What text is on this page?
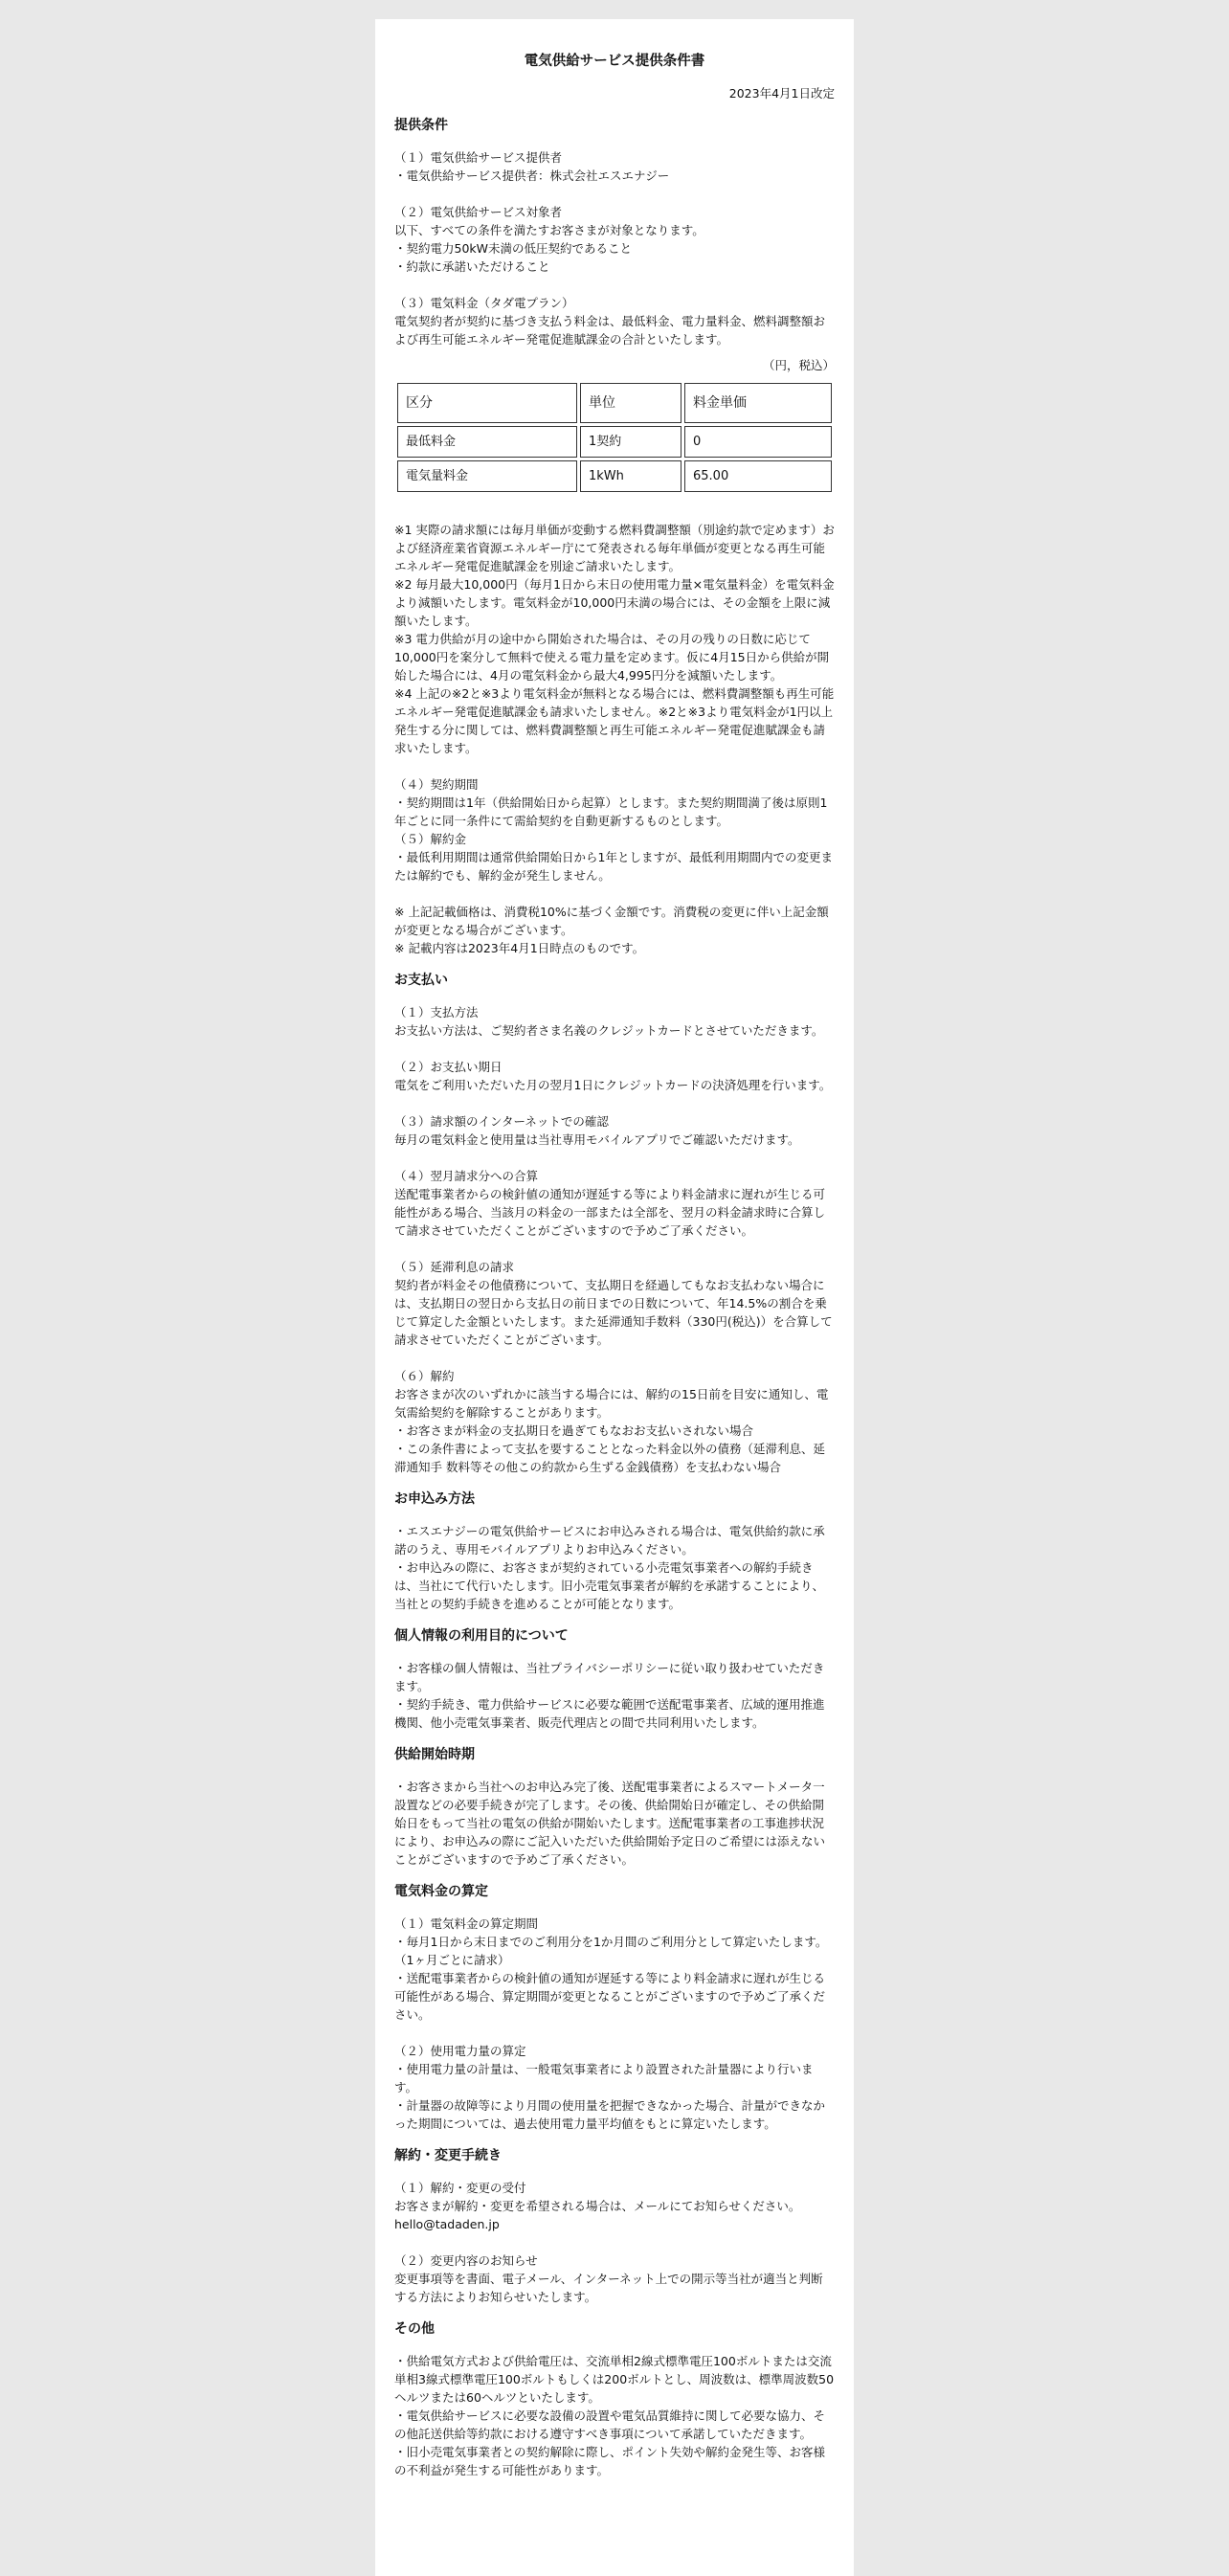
電気供給サービス提供条件書
2023年4月1日改定
提供条件

（１）電気供給サービス提供者

・電気供給サービス提供者：株式会社エスエナジー

（２）電気供給サービス対象者

以下、すべての条件を満たすお客さまが対象となります。

・契約電力50kW未満の低圧契約であること

・約款に承諾いただけること

（３）電気料金（タダ電プラン）

電気契約者が契約に基づき支払う料金は、最低料金、電力量料金、燃料調整額および再生可能エネルギー発電促進賦課金の合計といたします。

（円，税込）

区分	単位	料金単価
最低料金	1契約	0
電気量料金	1kWh	65.00

※1 実際の請求額には毎月単価が変動する燃料費調整額（別途約款で定めます）および経済産業省資源エネルギー庁にて発表される毎年単価が変更となる再生可能エネルギー発電促進賦課金を別途ご請求いたします。

※2 毎月最大10,000円（毎月1日から末日の使用電力量×電気量料金）を電気料金より減額いたします。電気料金が10,000円未満の場合には、その金額を上限に減額いたします。

※3 電力供給が月の途中から開始された場合は、その月の残りの日数に応じて10,000円を案分して無料で使える電力量を定めます。仮に4月15日から供給が開始した場合には、4月の電気料金から最大4,995円分を減額いたします。

※4 上記の※2と※3より電気料金が無料となる場合には、燃料費調整額も再生可能エネルギー発電促進賦課金も請求いたしません。※2と※3より電気料金が1円以上発生する分に関しては、燃料費調整額と再生可能エネルギー発電促進賦課金も請求いたします。

（４）契約期間

・契約期間は1年（供給開始日から起算）とします。また契約期間満了後は原則1年ごとに同一条件にて需給契約を自動更新するものとします。

（５）解約金

・最低利用期間は通常供給開始日から1年としますが、最低利用期間内での変更または解約でも、解約金が発生しません。

※ 上記記載価格は、消費税10%に基づく金額です。消費税の変更に伴い上記金額が変更となる場合がございます。

※ 記載内容は2023年4月1日時点のものです。

お支払い

（１）支払方法

お支払い方法は、ご契約者さま名義のクレジットカードとさせていただきます。

（２）お支払い期日

電気をご利用いただいた月の翌月1日にクレジットカードの決済処理を行います。

（３）請求額のインターネットでの確認

毎月の電気料金と使用量は当社専用モバイルアプリでご確認いただけます。

（４）翌月請求分への合算

送配電事業者からの検針値の通知が遅延する等により料金請求に遅れが生じる可能性がある場合、当該月の料金の一部または全部を、翌月の料金請求時に合算して請求させていただくことがございますので予めご了承ください。

（５）延滞利息の請求

契約者が料金その他債務について、支払期日を経過してもなお支払わない場合には、支払期日の翌日から支払日の前日までの日数について、年14.5%の割合を乗じて算定した金額といたします。また延滞通知手数料（330円(税込)）を合算して請求させていただくことがございます。

（６）解約

お客さまが次のいずれかに該当する場合には、解約の15日前を目安に通知し、電気需給契約を解除することがあります。

・お客さまが料金の支払期日を過ぎてもなおお支払いされない場合

・この条件書によって支払を要することとなった料金以外の債務（延滞利息、延滞通知手 数料等その他この約款から生ずる金銭債務）を支払わない場合

お申込み方法

・エスエナジーの電気供給サービスにお申込みされる場合は、電気供給約款に承諾のうえ、専用モバイルアプリよりお申込みください。

・お申込みの際に、お客さまが契約されている小売電気事業者への解約手続きは、当社にて代行いたします。旧小売電気事業者が解約を承諾することにより、当社との契約手続きを進めることが可能となります。

個人情報の利用目的について

・お客様の個人情報は、当社プライバシーポリシーに従い取り扱わせていただきます。

・契約手続き、電力供給サービスに必要な範囲で送配電事業者、広域的運用推進機関、他小売電気事業者、販売代理店との間で共同利用いたします。

供給開始時期

・お客さまから当社へのお申込み完了後、送配電事業者によるスマートメータ一設置などの必要手続きが完了します。その後、供給開始日が確定し、その供給開始日をもって当社の電気の供給が開始いたします。送配電事業者の工事進捗状況により、お申込みの際にご記入いただいた供給開始予定日のご希望には添えないことがございますので予めご了承ください。

電気料金の算定

（１）電気料金の算定期間

・毎月1日から末日までのご利用分を1か月間のご利用分として算定いたします。（1ヶ月ごとに請求）

・送配電事業者からの検針値の通知が遅延する等により料金請求に遅れが生じる可能性がある場合、算定期間が変更となることがございますので予めご了承ください。

（２）使用電力量の算定

・使用電力量の計量は、一般電気事業者により設置された計量器により行います。

・計量器の故障等により月間の使用量を把握できなかった場合、計量ができなかった期間については、過去使用電力量平均値をもとに算定いたします。

解約・変更手続き

（１）解約・変更の受付

お客さまが解約・変更を希望される場合は、メールにてお知らせください。

hello@tadaden.jp

（２）変更内容のお知らせ

変更事項等を書面、電子メール、インターネット上での開示等当社が適当と判断する方法によりお知らせいたします。

その他

・供給電気方式および供給電圧は、交流単相2線式標準電圧100ボルトまたは交流単相3線式標準電圧100ボルトもしくは200ボルトとし、周波数は、標準周波数50ヘルツまたは60ヘルツといたします。

・電気供給サービスに必要な設備の設置や電気品質維持に関して必要な協力、その他託送供給等約款における遵守すべき事項について承諾していただきます。

・旧小売電気事業者との契約解除に際し、ポイント失効や解約金発生等、お客様の不利益が発生する可能性があります。
